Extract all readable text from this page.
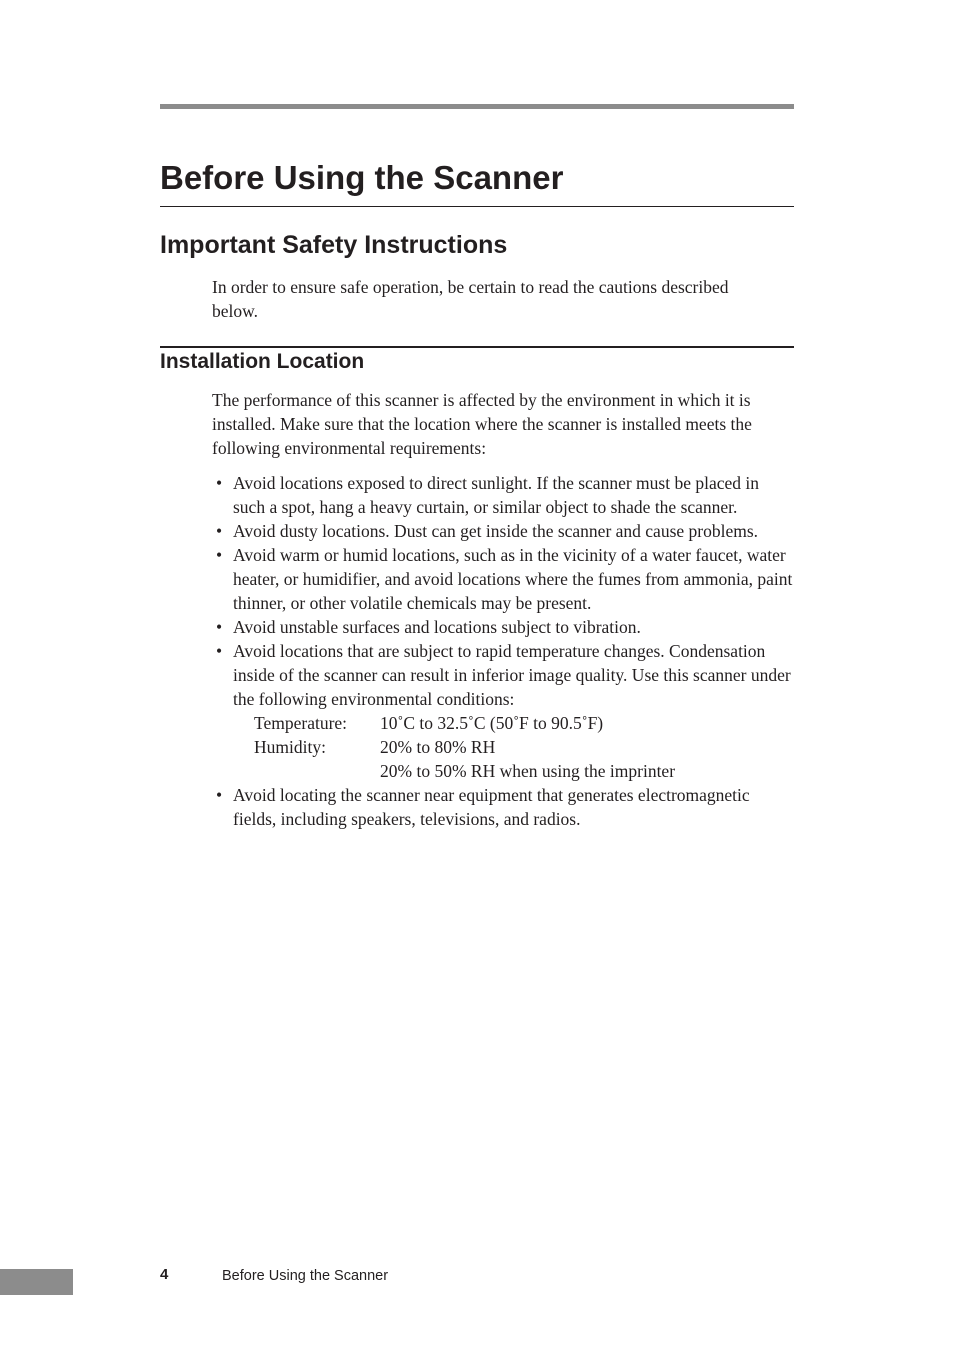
Before Using the Scanner
Important Safety Instructions

In order to ensure safe operation, be certain to read the cautions described below.

Installation Location

The performance of this scanner is affected by the environment in which it is installed. Make sure that the location where the scanner is installed meets the following environmental requirements:

• Avoid locations exposed to direct sunlight. If the scanner must be placed in such a spot, hang a heavy curtain, or similar object to shade the scanner.
• Avoid dusty locations. Dust can get inside the scanner and cause problems.
• Avoid warm or humid locations, such as in the vicinity of a water faucet, water heater, or humidifier, and avoid locations where the fumes from ammonia, paint thinner, or other volatile chemicals may be present.
• Avoid unstable surfaces and locations subject to vibration.
• Avoid locations that are subject to rapid temperature changes. Condensation inside of the scanner can result in inferior image quality. Use this scanner under the following environmental conditions:
Temperature:	10˚C to 32.5˚C (50˚F to 90.5˚F)
Humidity:	20% to 80% RH
20% to 50% RH when using the imprinter
• Avoid locating the scanner near equipment that generates electromagnetic fields, including speakers, televisions, and radios.
4	Before Using the Scanner
